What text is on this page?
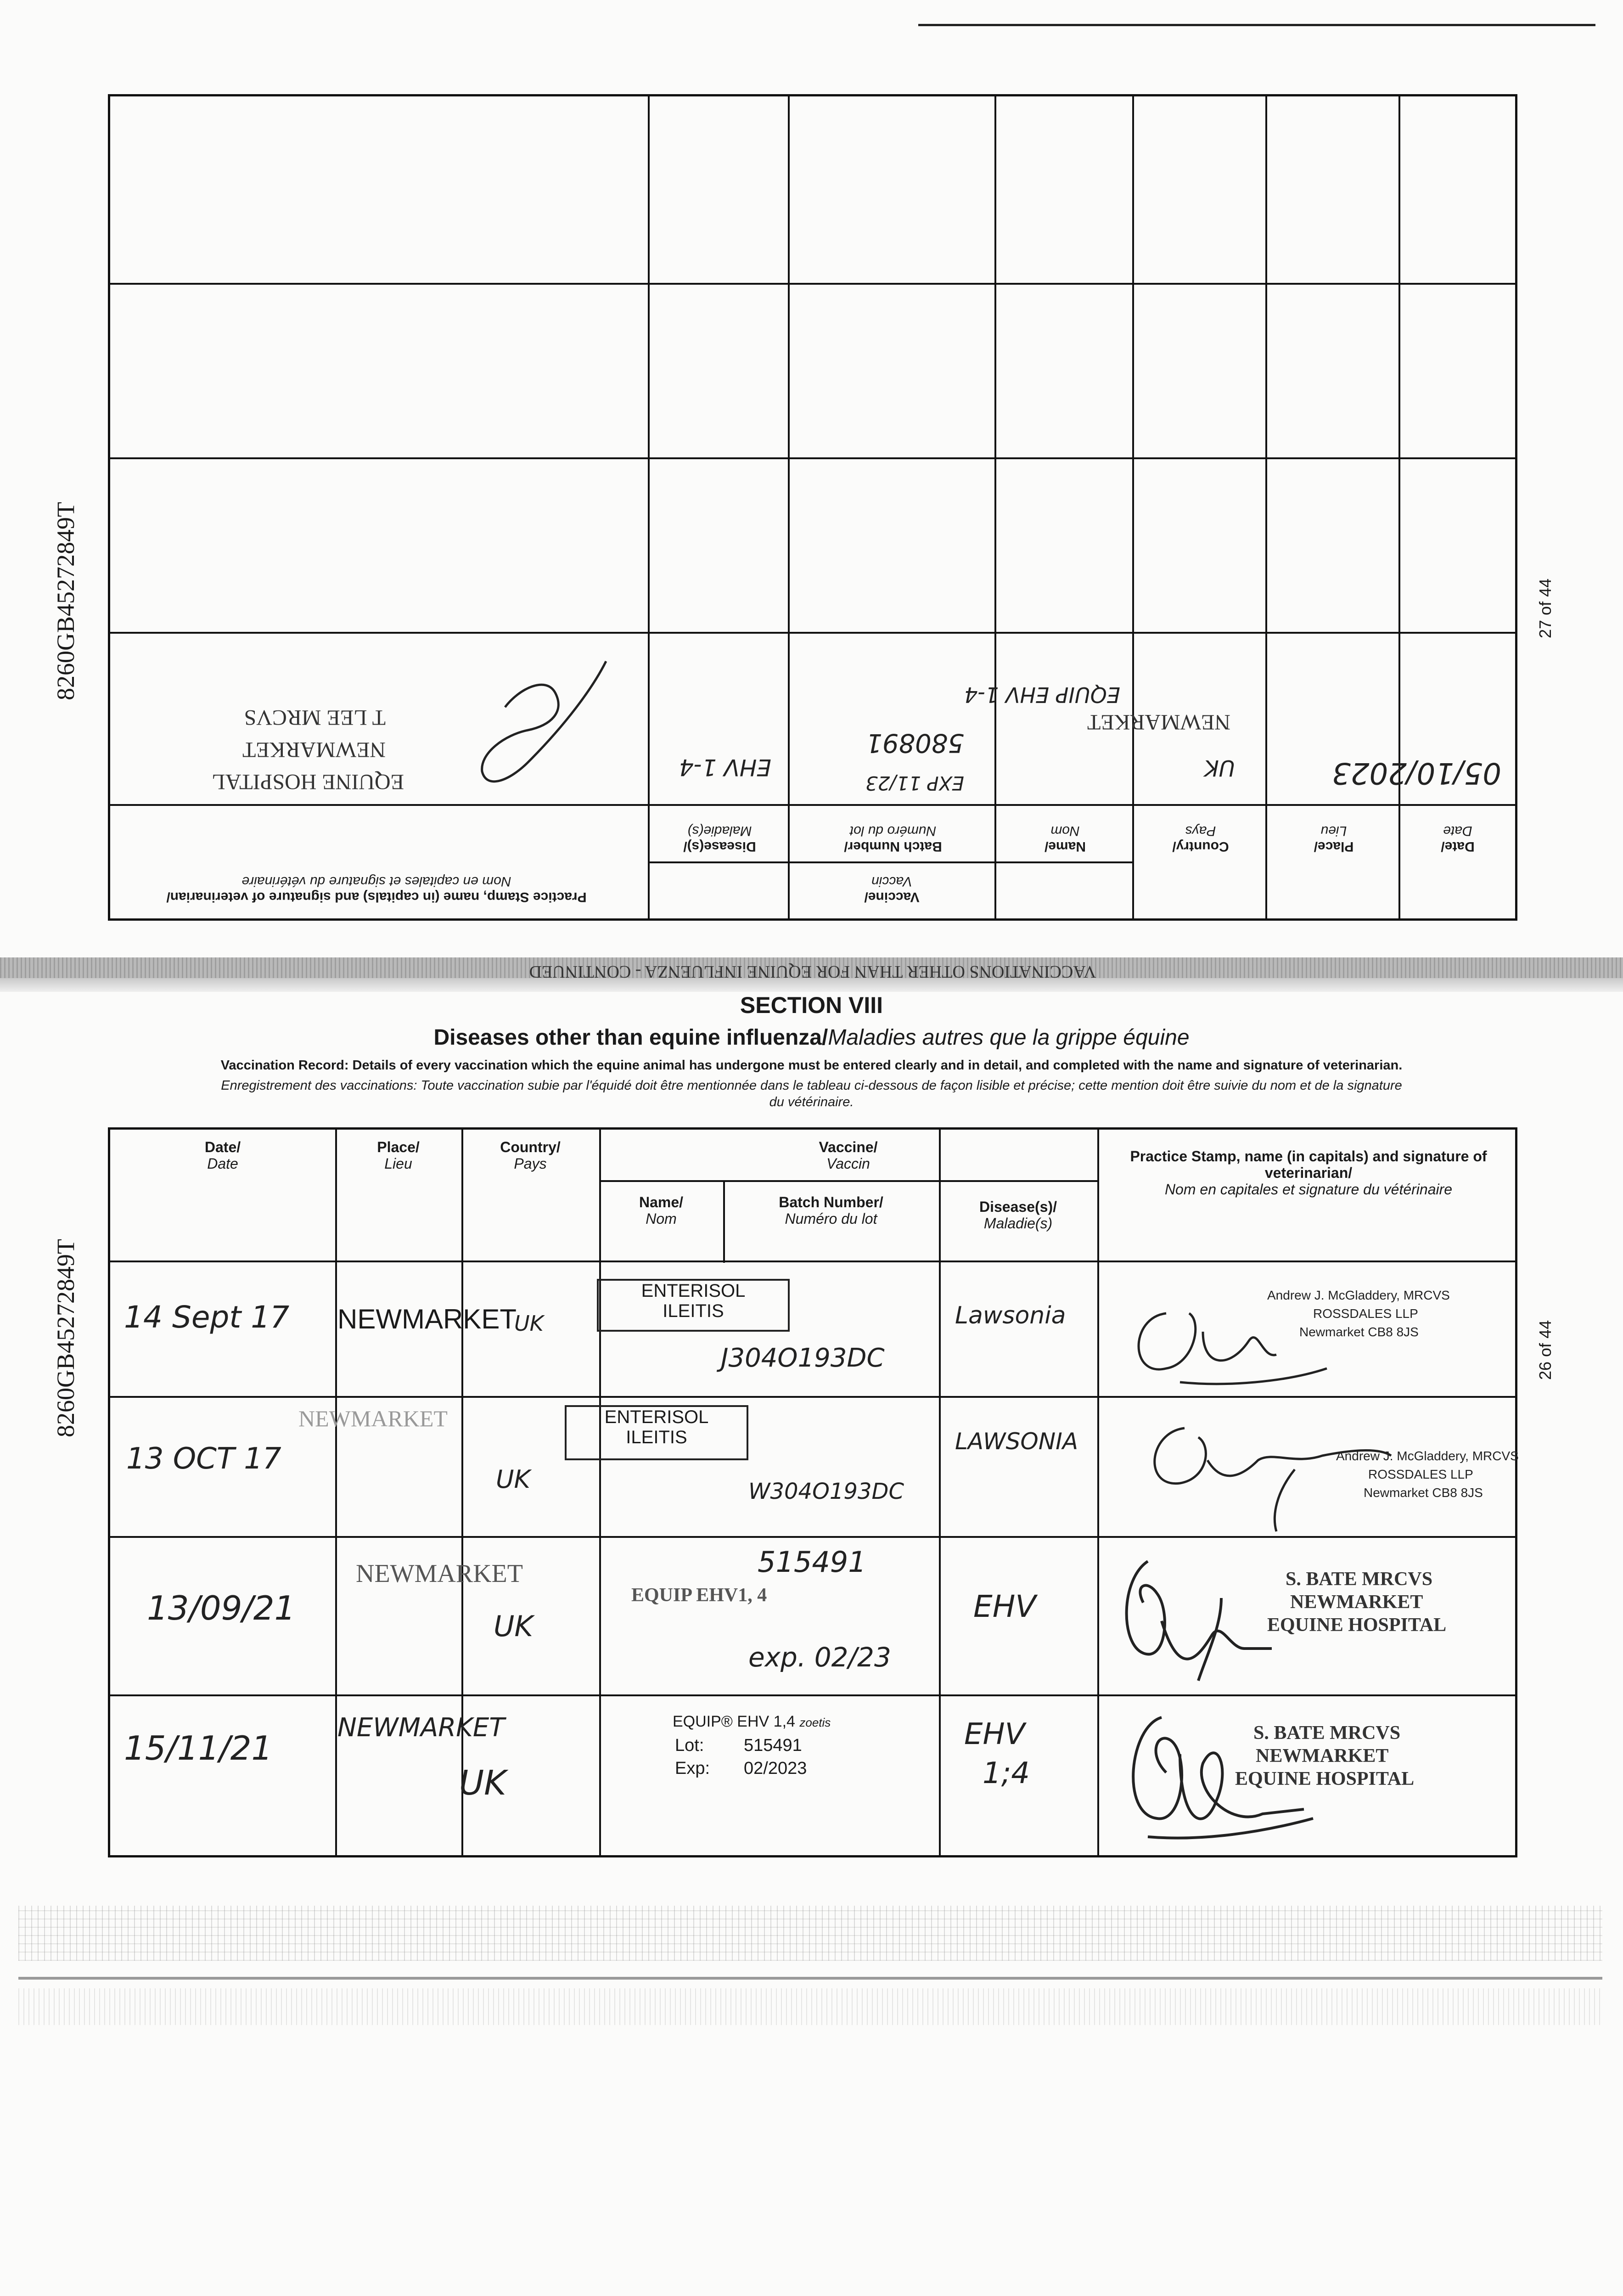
8260GB45272849T
8260GB45272849T
27 of 44
26 of 44
Date/
Date
Place/
Lieu
Country/
Pays
Vaccine/
Vaccin
Name/
Nom
Batch Number/
Numéro du lot
Disease(s)/
Maladie(s)
Practice Stamp, name (in capitals) and signature of veterinarian/
Nom en capitales et signature du vétérinaire
05/10/2023
NEWMARKET
UK
EQUIP EHV 1-4
580891
EXP 11/23
EHV 1-4
EQUINE HOSPITAL
NEWMARKET
T LEE MRCVS
VACCINATIONS OTHER THAN FOR EQUINE INFLUENZA - CONTINUED
SECTION VIII
Diseases other than equine influenza/Maladies autres que la grippe équine
Vaccination Record: Details of every vaccination which the equine animal has undergone must be entered clearly and in detail, and completed with the name and signature of veterinarian.
Enregistrement des vaccinations: Toute vaccination subie par l'équidé doit être mentionnée dans le tableau ci-dessous de façon lisible et précise; cette mention doit être suivie du nom et de la signature
du vétérinaire.
Date/
Date
Place/
Lieu
Country/
Pays
Vaccine/
Vaccin
Name/
Nom
Batch Number/
Numéro du lot
Disease(s)/
Maladie(s)
Practice Stamp, name (in capitals) and signature of veterinarian/
Nom en capitales et signature du vétérinaire
14 Sept 17 NEWMARKET
UK
ENTERISOL
ILEITIS
J304O193DC
Lawsonia
Andrew J. McGladdery, MRCVS
ROSSDALES LLP
Newmarket CB8 8JS
13 OCT 17
NEWMARKET
UK
ENTERISOL
ILEITIS
W304O193DC
LAWSONIA
Andrew J. McGladdery, MRCVS
ROSSDALES LLP
Newmarket CB8 8JS
13/09/21
NEWMARKET
UK
EQUIP EHV1, 4
515491
exp. 02/23
EHV
S. BATE MRCVS
NEWMARKET
EQUINE HOSPITAL
15/11/21
NEWMARKET
UK
EQUIP® EHV 1,4 zoetis
Lot: 515491
Exp: 02/2023
EHV
1;4
S. BATE MRCVS
NEWMARKET
EQUINE HOSPITAL
